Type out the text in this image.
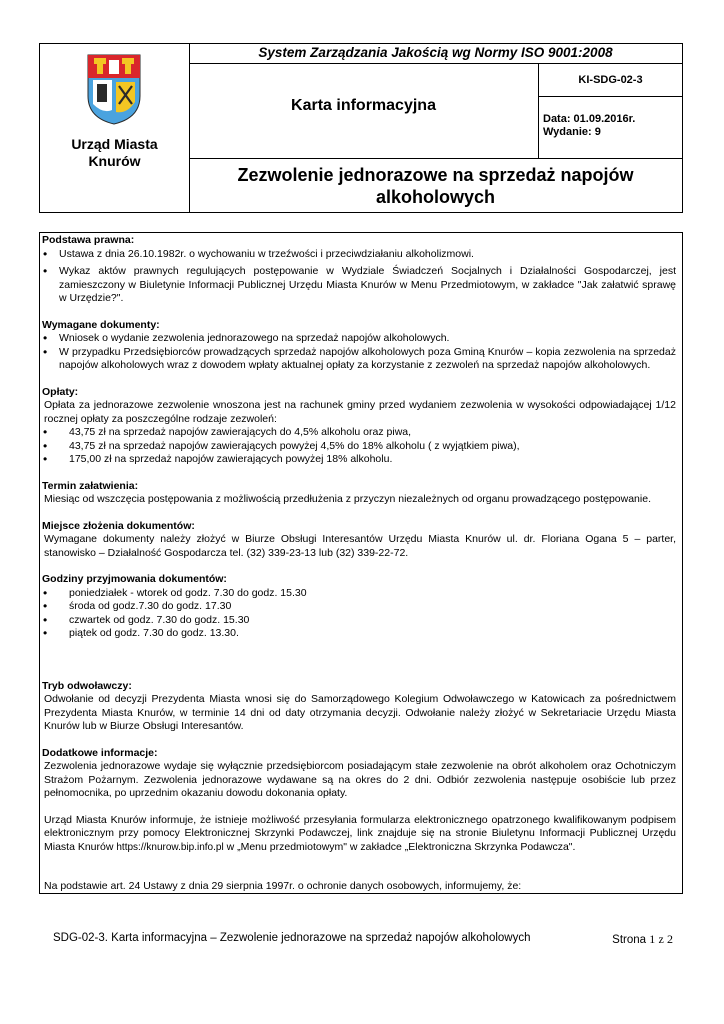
Urząd Miasta
Knurów
System Zarządzania Jakością wg Normy ISO 9001:2008
Karta informacyjna
KI-SDG-02-3
Data: 01.09.2016r.
Wydanie: 9
Zezwolenie jednorazowe na sprzedaż napojów
alkoholowych
Podstawa prawna:
• Ustawa z dnia 26.10.1982r. o wychowaniu w trzeźwości i przeciwdziałaniu alkoholizmowi.
• Wykaz aktów prawnych regulujących postępowanie w Wydziale Świadczeń Socjalnych i Działalności Gospodarczej, jest zamieszczony w Biuletynie Informacji Publicznej Urzędu Miasta Knurów w Menu Przedmiotowym, w zakładce "Jak załatwić sprawę w Urzędzie?".
Wymagane dokumenty:
• Wniosek o wydanie zezwolenia jednorazowego na sprzedaż napojów alkoholowych.
• W przypadku Przedsiębiorców prowadzących sprzedaż napojów alkoholowych poza Gminą Knurów – kopia zezwolenia na sprzedaż napojów alkoholowych wraz z dowodem wpłaty aktualnej opłaty za korzystanie z zezwoleń na sprzedaż napojów alkoholowych.
Opłaty:
Opłata za jednorazowe zezwolenie wnoszona jest na rachunek gminy przed wydaniem zezwolenia w wysokości odpowiadającej 1/12 rocznej opłaty za poszczególne rodzaje zezwoleń:
• 43,75 zł na sprzedaż napojów zawierających do 4,5% alkoholu oraz piwa,
• 43,75 zł na sprzedaż napojów zawierających powyżej 4,5% do 18% alkoholu ( z wyjątkiem piwa),
• 175,00 zł na sprzedaż napojów zawierających powyżej 18% alkoholu.
Termin załatwienia:
Miesiąc od wszczęcia postępowania z możliwością przedłużenia z przyczyn niezależnych od organu prowadzącego postępowanie.
Miejsce złożenia dokumentów:
Wymagane dokumenty należy złożyć w Biurze Obsługi Interesantów Urzędu Miasta Knurów ul. dr. Floriana Ogana 5 – parter, stanowisko – Działalność Gospodarcza tel. (32) 339-23-13 lub (32) 339-22-72.
Godziny przyjmowania dokumentów:
• poniedziałek - wtorek od godz. 7.30 do godz. 15.30
• środa od godz.7.30 do godz. 17.30
• czwartek od godz. 7.30 do godz. 15.30
• piątek od godz. 7.30 do godz. 13.30.
Tryb odwoławczy:
Odwołanie od decyzji Prezydenta Miasta wnosi się do Samorządowego Kolegium Odwoławczego w Katowicach za pośrednictwem Prezydenta Miasta Knurów, w terminie 14 dni od daty otrzymania decyzji. Odwołanie należy złożyć w Sekretariacie Urzędu Miasta Knurów lub w Biurze Obsługi Interesantów.
Dodatkowe informacje:
Zezwolenia jednorazowe wydaje się wyłącznie przedsiębiorcom posiadającym stałe zezwolenie na obrót alkoholem oraz Ochotniczym Strażom Pożarnym. Zezwolenia jednorazowe wydawane są na okres do 2 dni. Odbiór zezwolenia następuje osobiście lub przez pełnomocnika, po uprzednim okazaniu dowodu dokonania opłaty.
Urząd Miasta Knurów informuje, że istnieje możliwość przesyłania formularza elektronicznego opatrzonego kwalifikowanym podpisem elektronicznym przy pomocy Elektronicznej Skrzynki Podawczej, link znajduje się na stronie Biuletynu Informacji Publicznej Urzędu Miasta Knurów https://knurow.bip.info.pl w „Menu przedmiotowym" w zakładce „Elektroniczna Skrzynka Podawcza".
Na podstawie art. 24 Ustawy z dnia 29 sierpnia 1997r. o ochronie danych osobowych, informujemy, że:
SDG-02-3. Karta informacyjna – Zezwolenie jednorazowe na sprzedaż napojów alkoholowych	Strona 1 z 2
